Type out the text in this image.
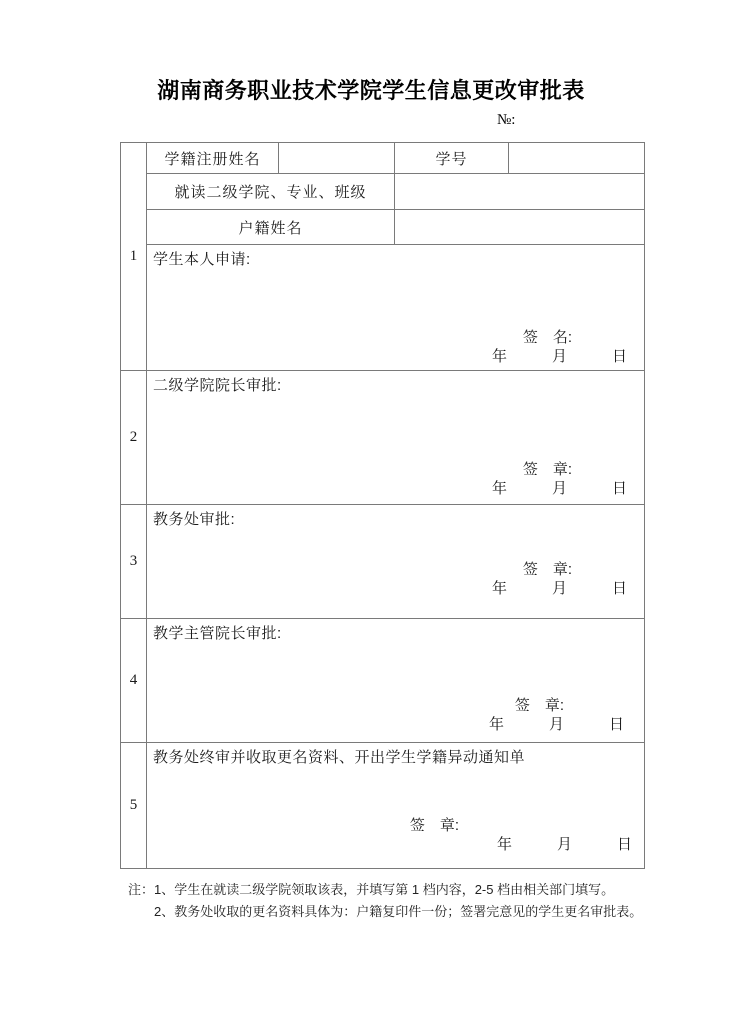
湖南商务职业技术学院学生信息更改审批表
№:
1
学籍注册姓名	学号
就读二级学院、专业、班级
户籍姓名
学生本人申请:
签　名:
年　　　月　　　日
2
二级学院院长审批:
签　章:
年　　　月　　　日
3
教务处审批:
签　章:
年　　　月　　　日
4
教学主管院长审批:
签　章:
年　　　月　　　日
5
教务处终审并收取更名资料、开出学生学籍异动通知单
签　章:
年　　　月　　　日
注：1、学生在就读二级学院领取该表，并填写第 1 档内容，2-5 档由相关部门填写。
2、教务处收取的更名资料具体为：户籍复印件一份；签署完意见的学生更名审批表。
